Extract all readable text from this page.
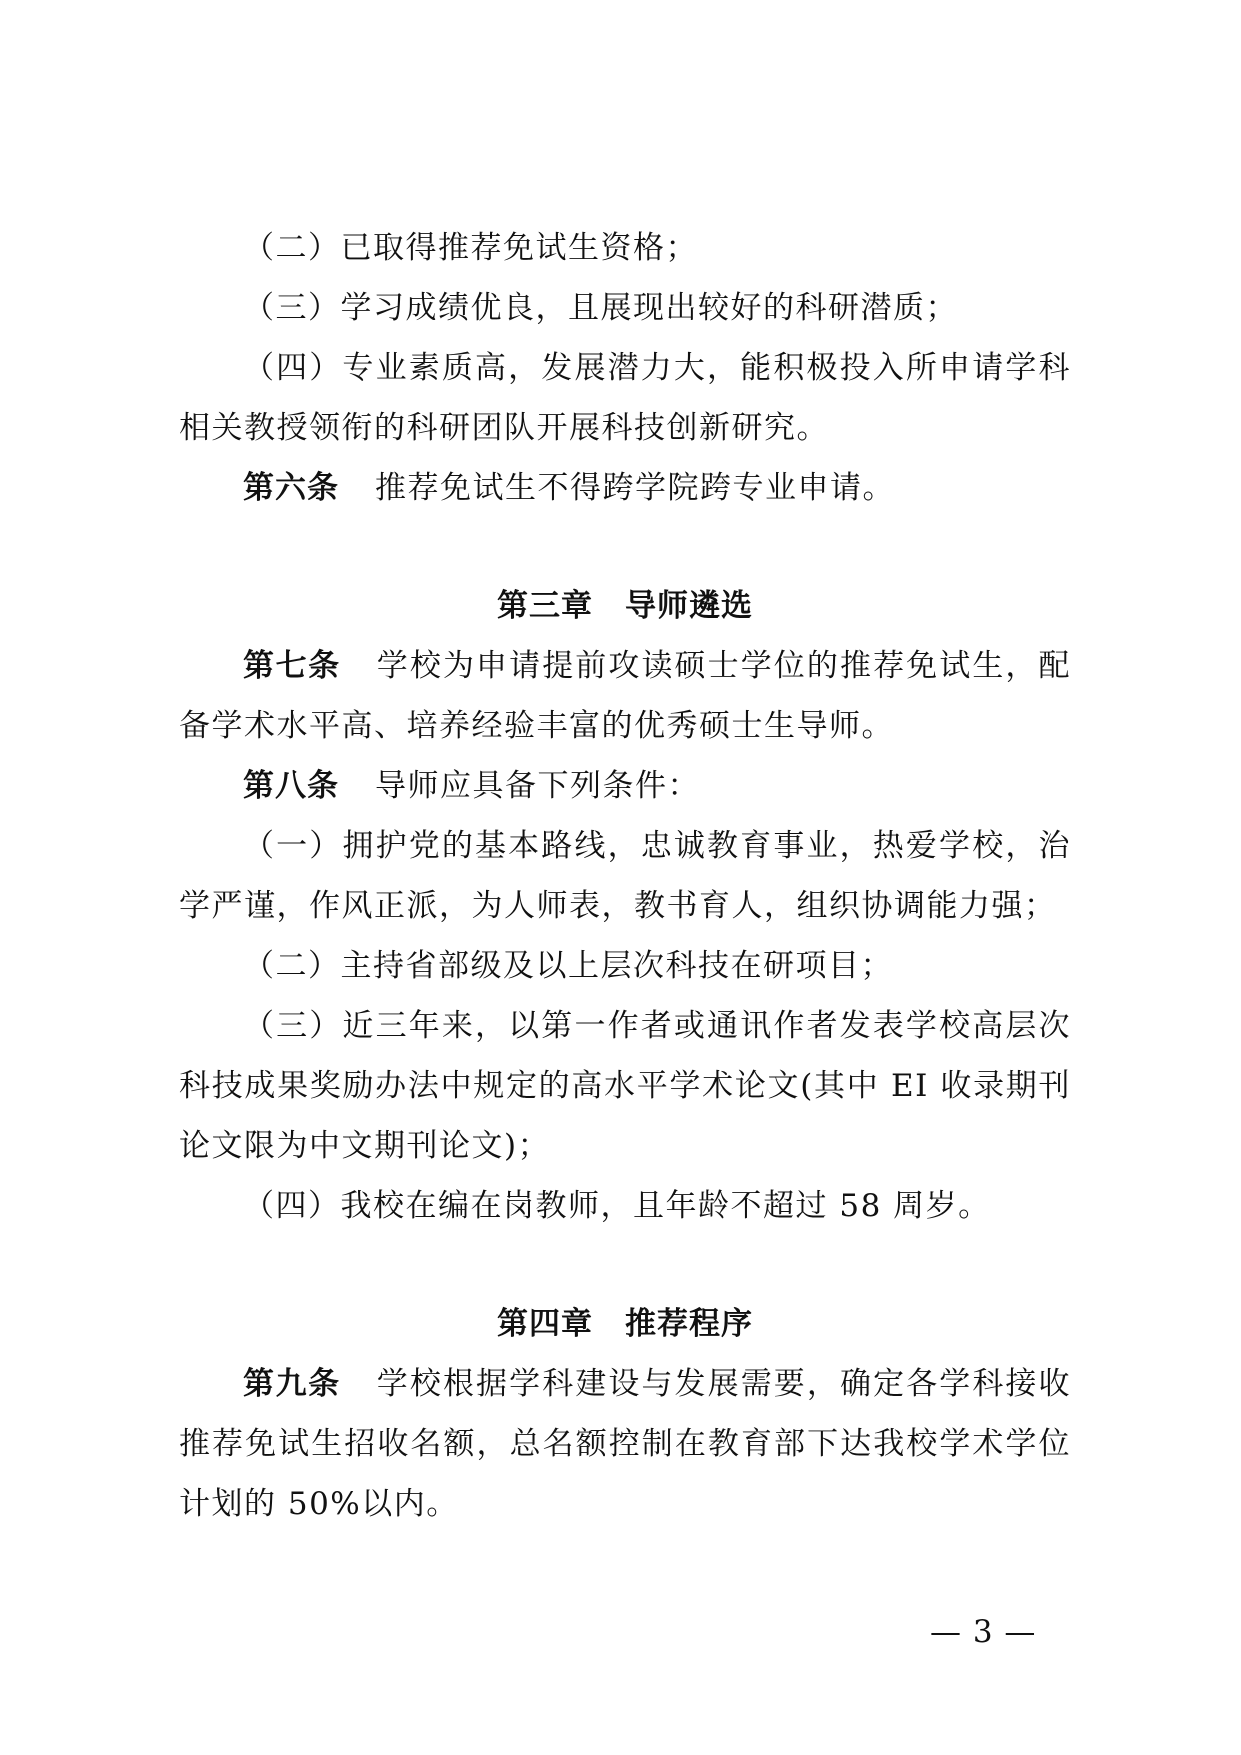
（二）已取得推荐免试生资格；
（三）学习成绩优良，且展现出较好的科研潜质；
（四）专业素质高，发展潜力大，能积极投入所申请学科相关教授领衔的科研团队开展科技创新研究。
第六条 推荐免试生不得跨学院跨专业申请。
第三章 导师遴选
第七条 学校为申请提前攻读硕士学位的推荐免试生，配备学术水平高、培养经验丰富的优秀硕士生导师。
第八条 导师应具备下列条件：
（一）拥护党的基本路线，忠诚教育事业，热爱学校，治学严谨，作风正派，为人师表，教书育人，组织协调能力强；
（二）主持省部级及以上层次科技在研项目；
（三）近三年来，以第一作者或通讯作者发表学校高层次科技成果奖励办法中规定的高水平学术论文(其中 EI 收录期刊论文限为中文期刊论文)；
（四）我校在编在岗教师，且年龄不超过 58 周岁。
第四章 推荐程序
第九条 学校根据学科建设与发展需要，确定各学科接收推荐免试生招收名额，总名额控制在教育部下达我校学术学位计划的 50%以内。
— 3 —
